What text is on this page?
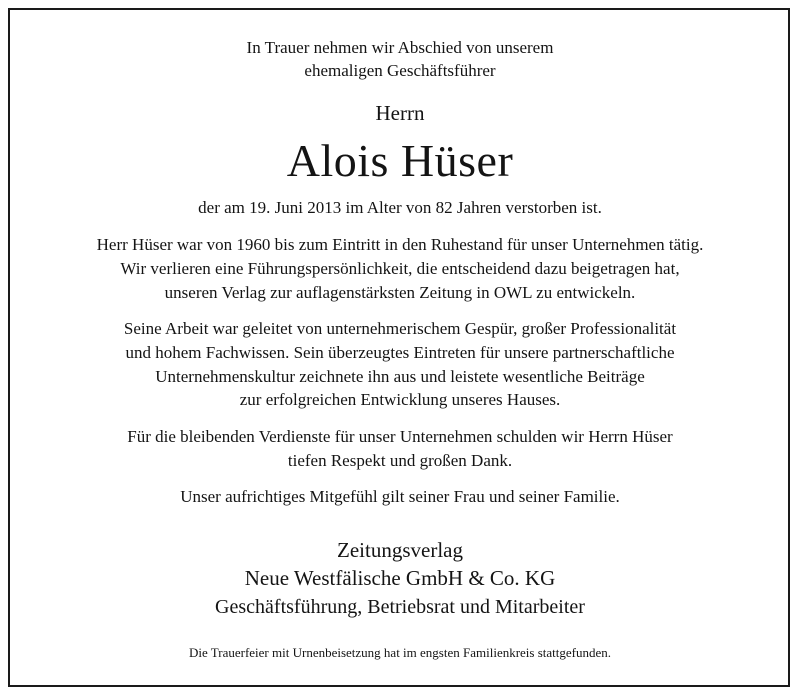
In Trauer nehmen wir Abschied von unserem
ehemaligen Geschäftsführer
Herrn
Alois Hüser
der am 19. Juni 2013 im Alter von 82 Jahren verstorben ist.
Herr Hüser war von 1960 bis zum Eintritt in den Ruhestand für unser Unternehmen tätig.
Wir verlieren eine Führungspersönlichkeit, die entscheidend dazu beigetragen hat,
unseren Verlag zur auflagenstärksten Zeitung in OWL zu entwickeln.
Seine Arbeit war geleitet von unternehmerischem Gespür, großer Professionalität
und hohem Fachwissen. Sein überzeugtes Eintreten für unsere partnerschaftliche
Unternehmenskultur zeichnete ihn aus und leistete wesentliche Beiträge
zur erfolgreichen Entwicklung unseres Hauses.
Für die bleibenden Verdienste für unser Unternehmen schulden wir Herrn Hüser
tiefen Respekt und großen Dank.
Unser aufrichtiges Mitgefühl gilt seiner Frau und seiner Familie.
Zeitungsverlag
Neue Westfälische GmbH & Co. KG
Geschäftsführung, Betriebsrat und Mitarbeiter
Die Trauerfeier mit Urnenbeisetzung hat im engsten Familienkreis stattgefunden.
